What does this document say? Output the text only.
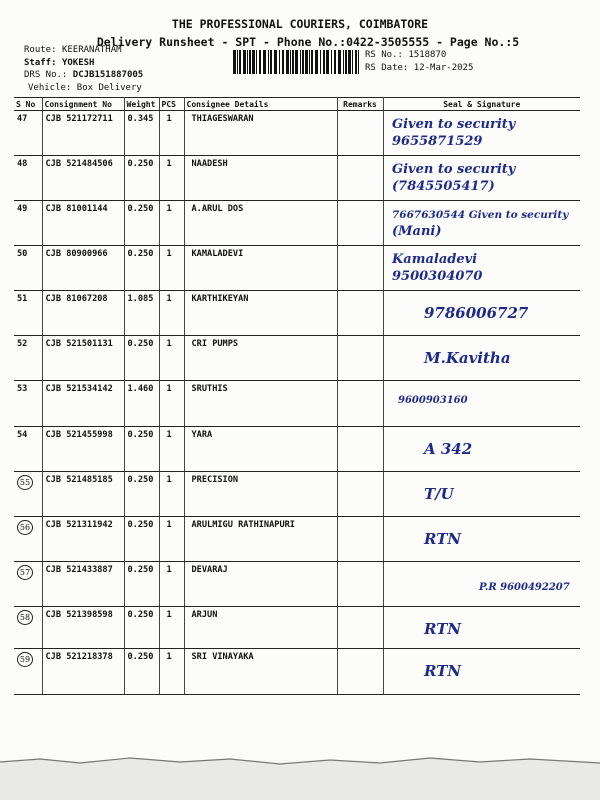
THE PROFESSIONAL COURIERS, COIMBATORE
Delivery Runsheet - SPT - Phone No.:0422-3505555 - Page No.:5
Route: KEERANATHAM
Staff: YOKESH
DRS No.: DCJB151887005
Vehicle: Box Delivery
RS No.: 1518870
RS Date: 12-Mar-2025
S No	Consignment No	Weight	PCS	Consignee Details	Remarks	Seal & Signature
47	CJB 521172711	0.345	1	THIAGESWARAN		Given to security
9655871529

48	CJB 521484506	0.250	1	NAADESH		Given to security
(7845505417)

49	CJB 81001144	0.250	1	A.ARUL DOS		7667630544 Given to security
(Mani)

50	CJB 80900966	0.250	1	KAMALADEVI		Kamaladevi
9500304070

51	CJB 81067208	1.085	1	KARTHIKEYAN		9786006727

52	CJB 521501131	0.250	1	CRI PUMPS		M.Kavitha

53	CJB 521534142	1.460	1	SRUTHIS		9600903160

54	CJB 521455998	0.250	1	YARA		A 342

55	CJB 521485185	0.250	1	PRECISION		T/U

56	CJB 521311942	0.250	1	ARULMIGU RATHINAPURI		RTN

57	CJB 521433887	0.250	1	DEVARAJ		P.R 9600492207

58	CJB 521398598	0.250	1	ARJUN		RTN

59	CJB 521218378	0.250	1	SRI VINAYAKA		RTN
